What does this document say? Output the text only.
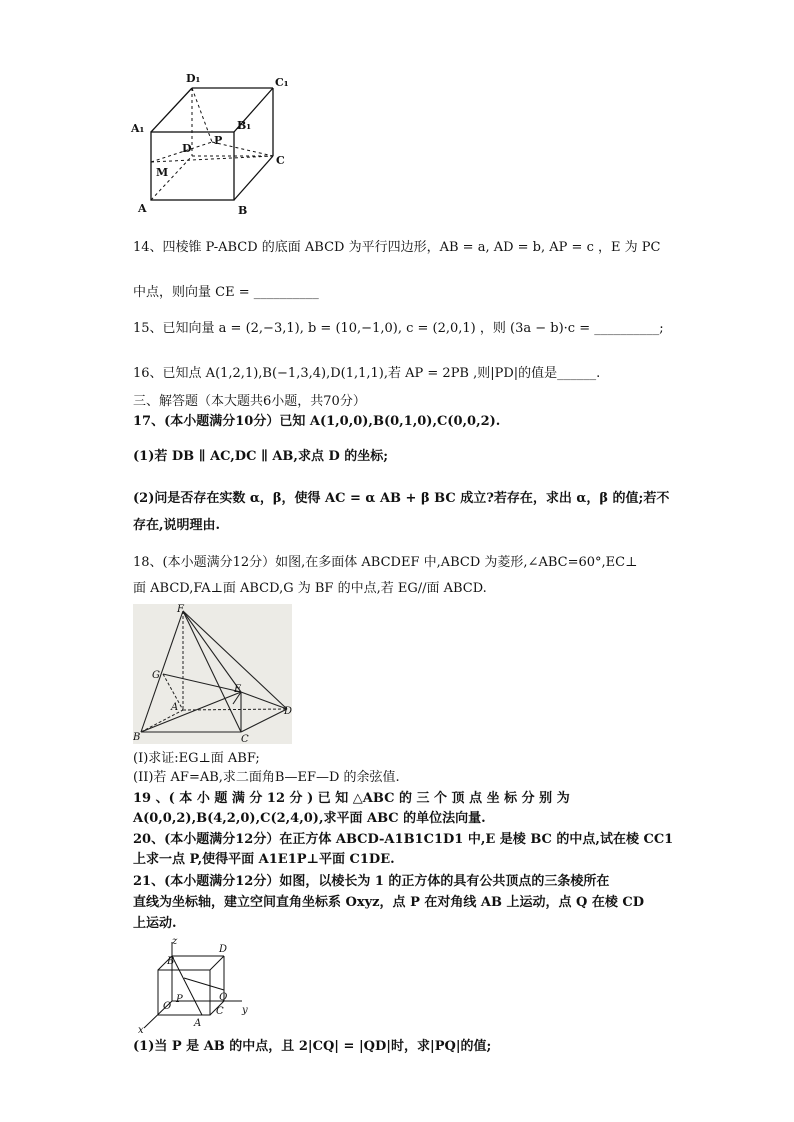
D₁	C₁
A₁	B₁
P
D
M
C
A	B
14、四棱锥 P-ABCD 的底面 ABCD 为平行四边形，AB = a, AD = b, AP = c ，E 为 PC
中点，则向量 CE = __________
15、已知向量 a = (2,−3,1), b = (10,−1,0), c = (2,0,1) ，则 (3a − b)·c = __________;
16、已知点 A(1,2,1),B(−1,3,4),D(1,1,1),若 AP = 2PB ,则|PD|的值是______.
三、解答题（本大题共6小题，共70分）
17、(本小题满分10分）已知 A(1,0,0),B(0,1,0),C(0,0,2).
(1)若 DB ∥ AC,DC ∥ AB,求点 D 的坐标;
(2)问是否存在实数 α，β，使得 AC = α AB + β BC 成立?若存在，求出 α，β 的值;若不
存在,说明理由.
18、(本小题满分12分）如图,在多面体 ABCDEF 中,ABCD 为菱形,∠ABC=60°,EC⊥
面 ABCD,FA⊥面 ABCD,G 为 BF 的中点,若 EG//面 ABCD.
F
G
E
A	D
B	C
(I)求证:EG⊥面 ABF;
(II)若 AF=AB,求二面角B—EF—D 的余弦值.
19 、( 本 小 题 满 分 12 分 ) 已 知 △ABC 的 三 个 顶 点 坐 标 分 别 为
A(0,0,2),B(4,2,0),C(2,4,0),求平面 ABC 的单位法向量.
20、(本小题满分12分）在正方体 ABCD-A1B1C1D1 中,E 是棱 BC 的中点,试在棱 CC1
上求一点 P,使得平面 A1E1P⊥平面 C1DE.
21、(本小题满分12分）如图，以棱长为 1 的正方体的具有公共顶点的三条棱所在
直线为坐标轴，建立空间直角坐标系 Oxyz，点 P 在对角线 AB 上运动，点 Q 在棱 CD
上运动.
z
B
D
O
P	Q
C
A
y
x
(1)当 P 是 AB 的中点，且 2|CQ| = |QD|时，求|PQ|的值;
